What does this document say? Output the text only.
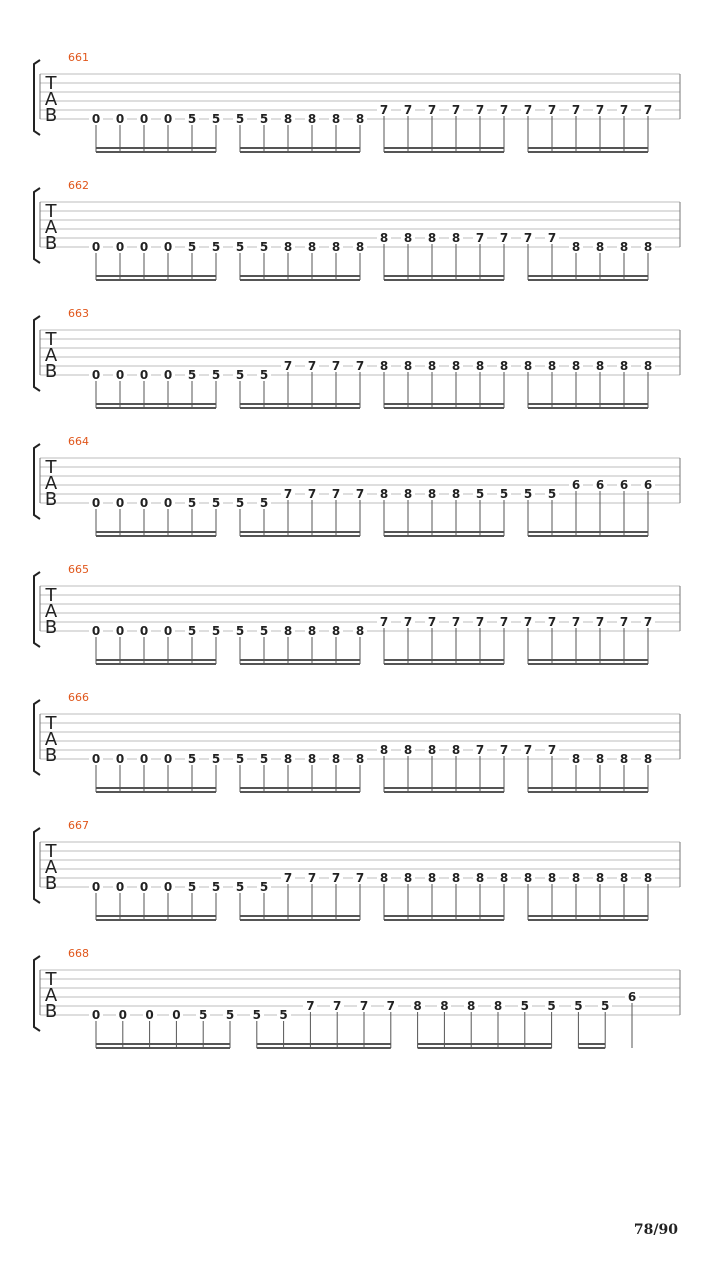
661
T
A
B	0 0 0 0 5 5 5 5 8 8 8 8
7 7 7 7 7 7 7 7 7 7 7 7
662
T
A
B	0 0 0 0 5 5 5 5 8 8 8 8
8 8 8 8 7 7 7 7
8 8 8 8
663
T
A
B	0 0 0 0 5 5 5 5
7 7 7 7 8 8 8 8 8 8 8 8 8 8 8 8
664
T
A
B	0 0 0 0 5 5 5 5
7 7 7 7 8 8 8 8 5 5 5 5
6 6 6 6
665
T
A
B	0 0 0 0 5 5 5 5 8 8 8 8
7 7 7 7 7 7 7 7 7 7 7 7
666
T
A
B	0 0 0 0 5 5 5 5 8 8 8 8
8 8 8 8 7 7 7 7
8 8 8 8
667
T
A
B	0 0 0 0 5 5 5 5
7 7 7 7 8 8 8 8 8 8 8 8 8 8 8 8
668
T
A
B	0 0 0 0 5 5 5 5
7 7 7 7 8 8 8 8 5 5 5 5
6
78/90
